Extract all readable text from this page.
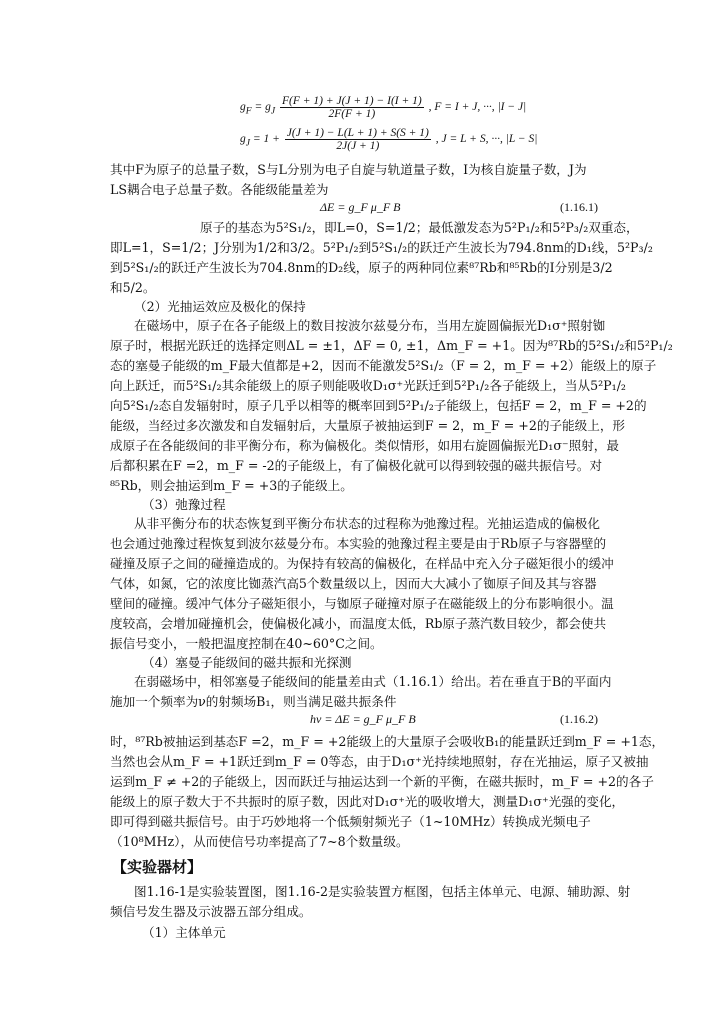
$g_F = g_J \frac{F(F + 1) + J(J + 1) - I(I + 1)}{2F(F + 1)}$ , F = I + J, ···, |I − J|
$g_J = 1 + \frac{J(J + 1) - L(L + 1) + S(S + 1)}{2J(J + 1)}$ , J = L + S, ···, |L − S|
其中F为原子的总量子数，S与L分别为电子自旋与轨道量子数，I为核自旋量子数，J为
LS耦合电子总量子数。各能级能量差为
ΔE = g_F μ_F B	(1.16.1)
原子的基态为5²S₁/₂，即L=0，S=1/2；最低激发态为5²P₁/₂和5²P₃/₂双重态，
即L=1，S=1/2；J分别为1/2和3/2。5²P₁/₂到5²S₁/₂的跃迁产生波长为794.8nm的D₁线，5²P₃/₂
到5²S₁/₂的跃迁产生波长为704.8nm的D₂线，原子的两种同位素⁸⁷Rb和⁸⁵Rb的I分别是3/2
和5/2。
（2）光抽运效应及极化的保持
在磁场中，原子在各子能级上的数目按波尔兹曼分布，当用左旋圆偏振光D₁σ⁺照射铷
原子时，根据光跃迁的选择定则ΔL = ±1，ΔF = 0, ±1，Δm_F = +1。因为⁸⁷Rb的5²S₁/₂和5²P₁/₂
态的塞曼子能级的m_F最大值都是+2，因而不能激发5²S₁/₂（F = 2，m_F = +2）能级上的原子
向上跃迁，而5²S₁/₂其余能级上的原子则能吸收D₁σ⁺光跃迁到5²P₁/₂各子能级上，当从5²P₁/₂
向5²S₁/₂态自发辐射时，原子几乎以相等的概率回到5²P₁/₂子能级上，包括F = 2，m_F = +2的
能级，当经过多次激发和自发辐射后，大量原子被抽运到F = 2，m_F = +2的子能级上，形
成原子在各能级间的非平衡分布，称为偏极化。类似情形，如用右旋圆偏振光D₁σ⁻照射，最
后都积累在F =2，m_F = -2的子能级上，有了偏极化就可以得到较强的磁共振信号。对
⁸⁵Rb，则会抽运到m_F = +3的子能级上。
（3）弛豫过程
从非平衡分布的状态恢复到平衡分布状态的过程称为弛豫过程。光抽运造成的偏极化
也会通过弛豫过程恢复到波尔兹曼分布。本实验的弛豫过程主要是由于Rb原子与容器壁的
碰撞及原子之间的碰撞造成的。为保持有较高的偏极化，在样品中充入分子磁矩很小的缓冲
气体，如氮，它的浓度比铷蒸汽高5个数量级以上，因而大大减小了铷原子间及其与容器
壁间的碰撞。缓冲气体分子磁矩很小，与铷原子碰撞对原子在磁能级上的分布影响很小。温
度较高，会增加碰撞机会，使偏极化减小，而温度太低，Rb原子蒸汽数目较少，都会使共
振信号变小，一般把温度控制在40~60°C之间。
（4）塞曼子能级间的磁共振和光探测
在弱磁场中，相邻塞曼子能级间的能量差由式（1.16.1）给出。若在垂直于B的平面内
施加一个频率为ν的射频场B₁，则当满足磁共振条件
hν = ΔE = g_F μ_F B	(1.16.2)
时，⁸⁷Rb被抽运到基态F =2，m_F = +2能级上的大量原子会吸收B₁的能量跃迁到m_F = +1态，
当然也会从m_F = +1跃迁到m_F = 0等态，由于D₁σ⁺光持续地照射，存在光抽运，原子又被抽
运到m_F ≠ +2的子能级上，因而跃迁与抽运达到一个新的平衡，在磁共振时，m_F = +2的各子
能级上的原子数大于不共振时的原子数，因此对D₁σ⁺光的吸收增大，测量D₁σ⁺光强的变化，
即可得到磁共振信号。由于巧妙地将一个低频射频光子（1~10MHz）转换成光频电子
（10⁸MHz），从而使信号功率提高了7~8个数量级。
【实验器材】
图1.16-1是实验装置图，图1.16-2是实验装置方框图，包括主体单元、电源、辅助源、射
频信号发生器及示波器五部分组成。
（1）主体单元
